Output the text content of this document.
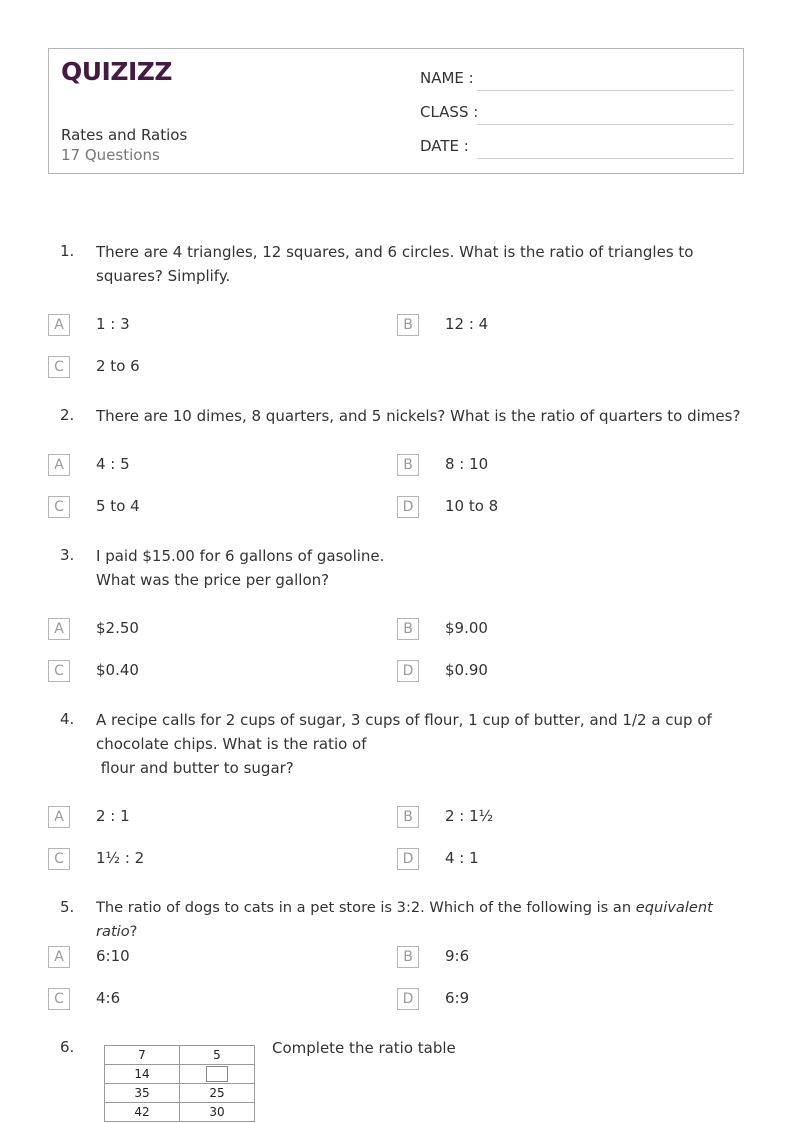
QUIZIZZ
Rates and Ratios
17 Questions
NAME :
CLASS :
DATE :
1. There are 4 triangles, 12 squares, and 6 circles. What is the ratio of triangles to
squares? Simplify.
A	1 : 3	B	12 : 4
C	2 to 6
2. There are 10 dimes, 8 quarters, and 5 nickels? What is the ratio of quarters to dimes?
A	4 : 5	B	8 : 10
C	5 to 4	D	10 to 8
3. I paid $15.00 for 6 gallons of gasoline.
What was the price per gallon?
A	$2.50	B	$9.00
C	$0.40	D	$0.90
4. A recipe calls for 2 cups of sugar, 3 cups of flour, 1 cup of butter, and 1/2 a cup of
chocolate chips. What is the ratio of
flour and butter to sugar?
A	2 : 1	B	2 : 1½
C	1½ : 2	D	4 : 1
5. The ratio of dogs to cats in a pet store is 3:2. Which of the following is an equivalent ratio?
A	6:10	B	9:6
C	4:6	D	6:9
6.	Complete the ratio table
7	5
14	
35	25
42	30
